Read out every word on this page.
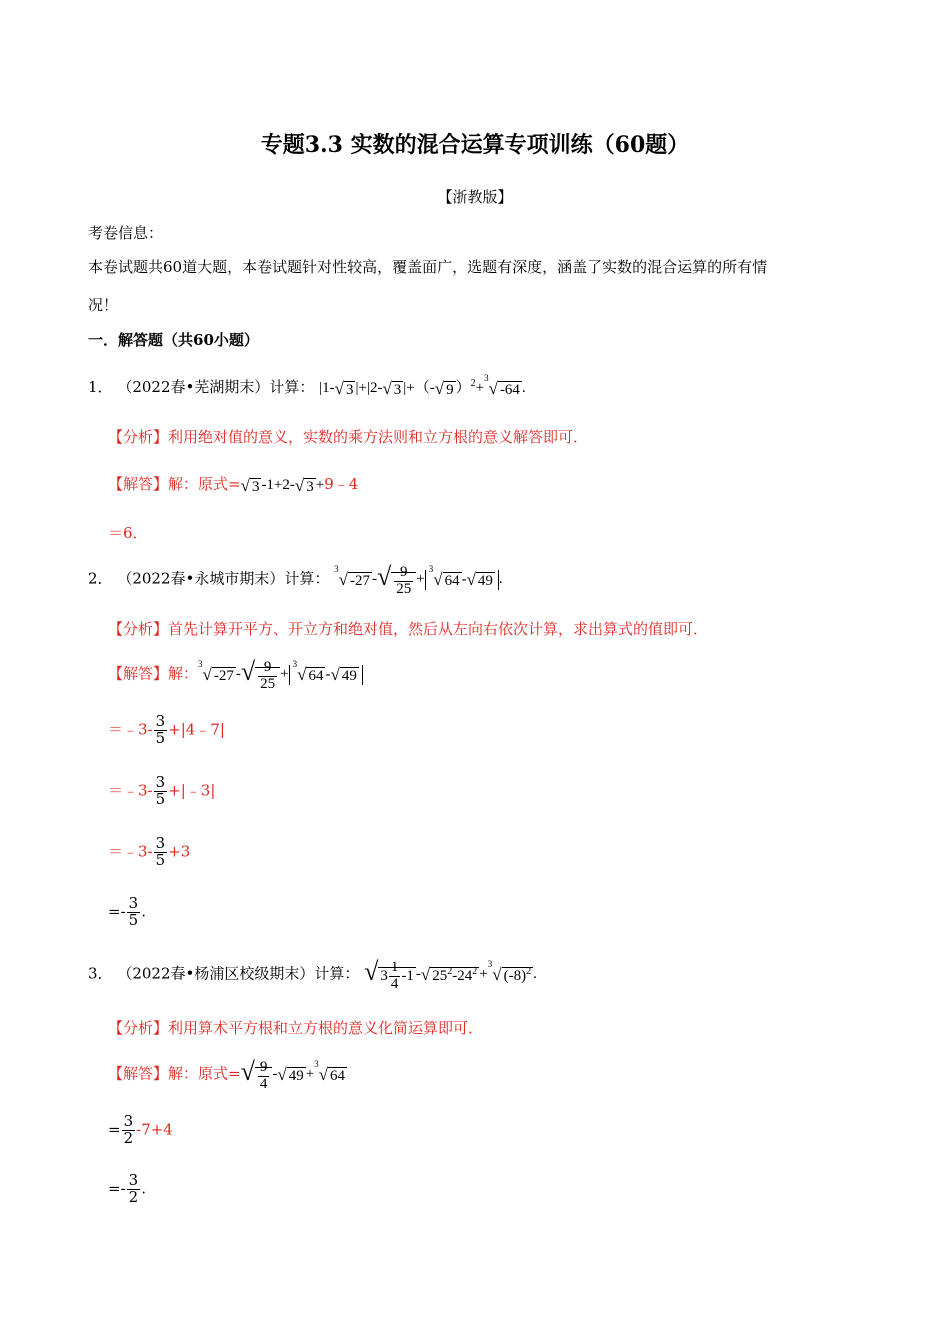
专题3.3 实数的混合运算专项训练（60题）
【浙教版】
考卷信息：
本卷试题共60道大题，本卷试题针对性较高，覆盖面广，选题有深度，涵盖了实数的混合运算的所有情
况！
一．解答题（共60小题）
1． （2022春•芜湖期末）计算： |1-√ 3 |+|2-√ 3 |+（-√ 9 ）$^2$+$^3$√ -64 .
【分析】利用绝对值的意义，实数的乘方法则和立方根的意义解答即可．
【解答】解：原式=√ 3 -1+2-√ 3 +9﹣4
＝6．
2． （2022春•永城市期末）计算： $^3$√ -27 -√ $\frac{9}{25} +^3√$ 64 -√ 49 .
【分析】首先计算开平方、开立方和绝对值，然后从左向右依次计算，求出算式的值即可．
【解答】解：$^3$√ -27 -√ $\frac{9}{25} +^3√$ 64 -√ 49
＝﹣3- $\frac{3}{5}$ +|4﹣7|
＝﹣3- $\frac{3}{5}$ +|﹣3|
＝﹣3- $\frac{3}{5} +3$
=- $\frac{3}{5}$ .
3． （2022春•杨浦区校级期末）计算： √ $3 \frac{1}{4} -1$ -√ $25^2-24^2 +^3√$ $(-8)^2$ .
【分析】利用算术平方根和立方根的意义化简运算即可．
【解答】解：原式=√ $\frac{9}{4}$ -√ 49 +$^3$√ 64
= $\frac{3}{2} -7+4$
=- $\frac{3}{2}$ .
